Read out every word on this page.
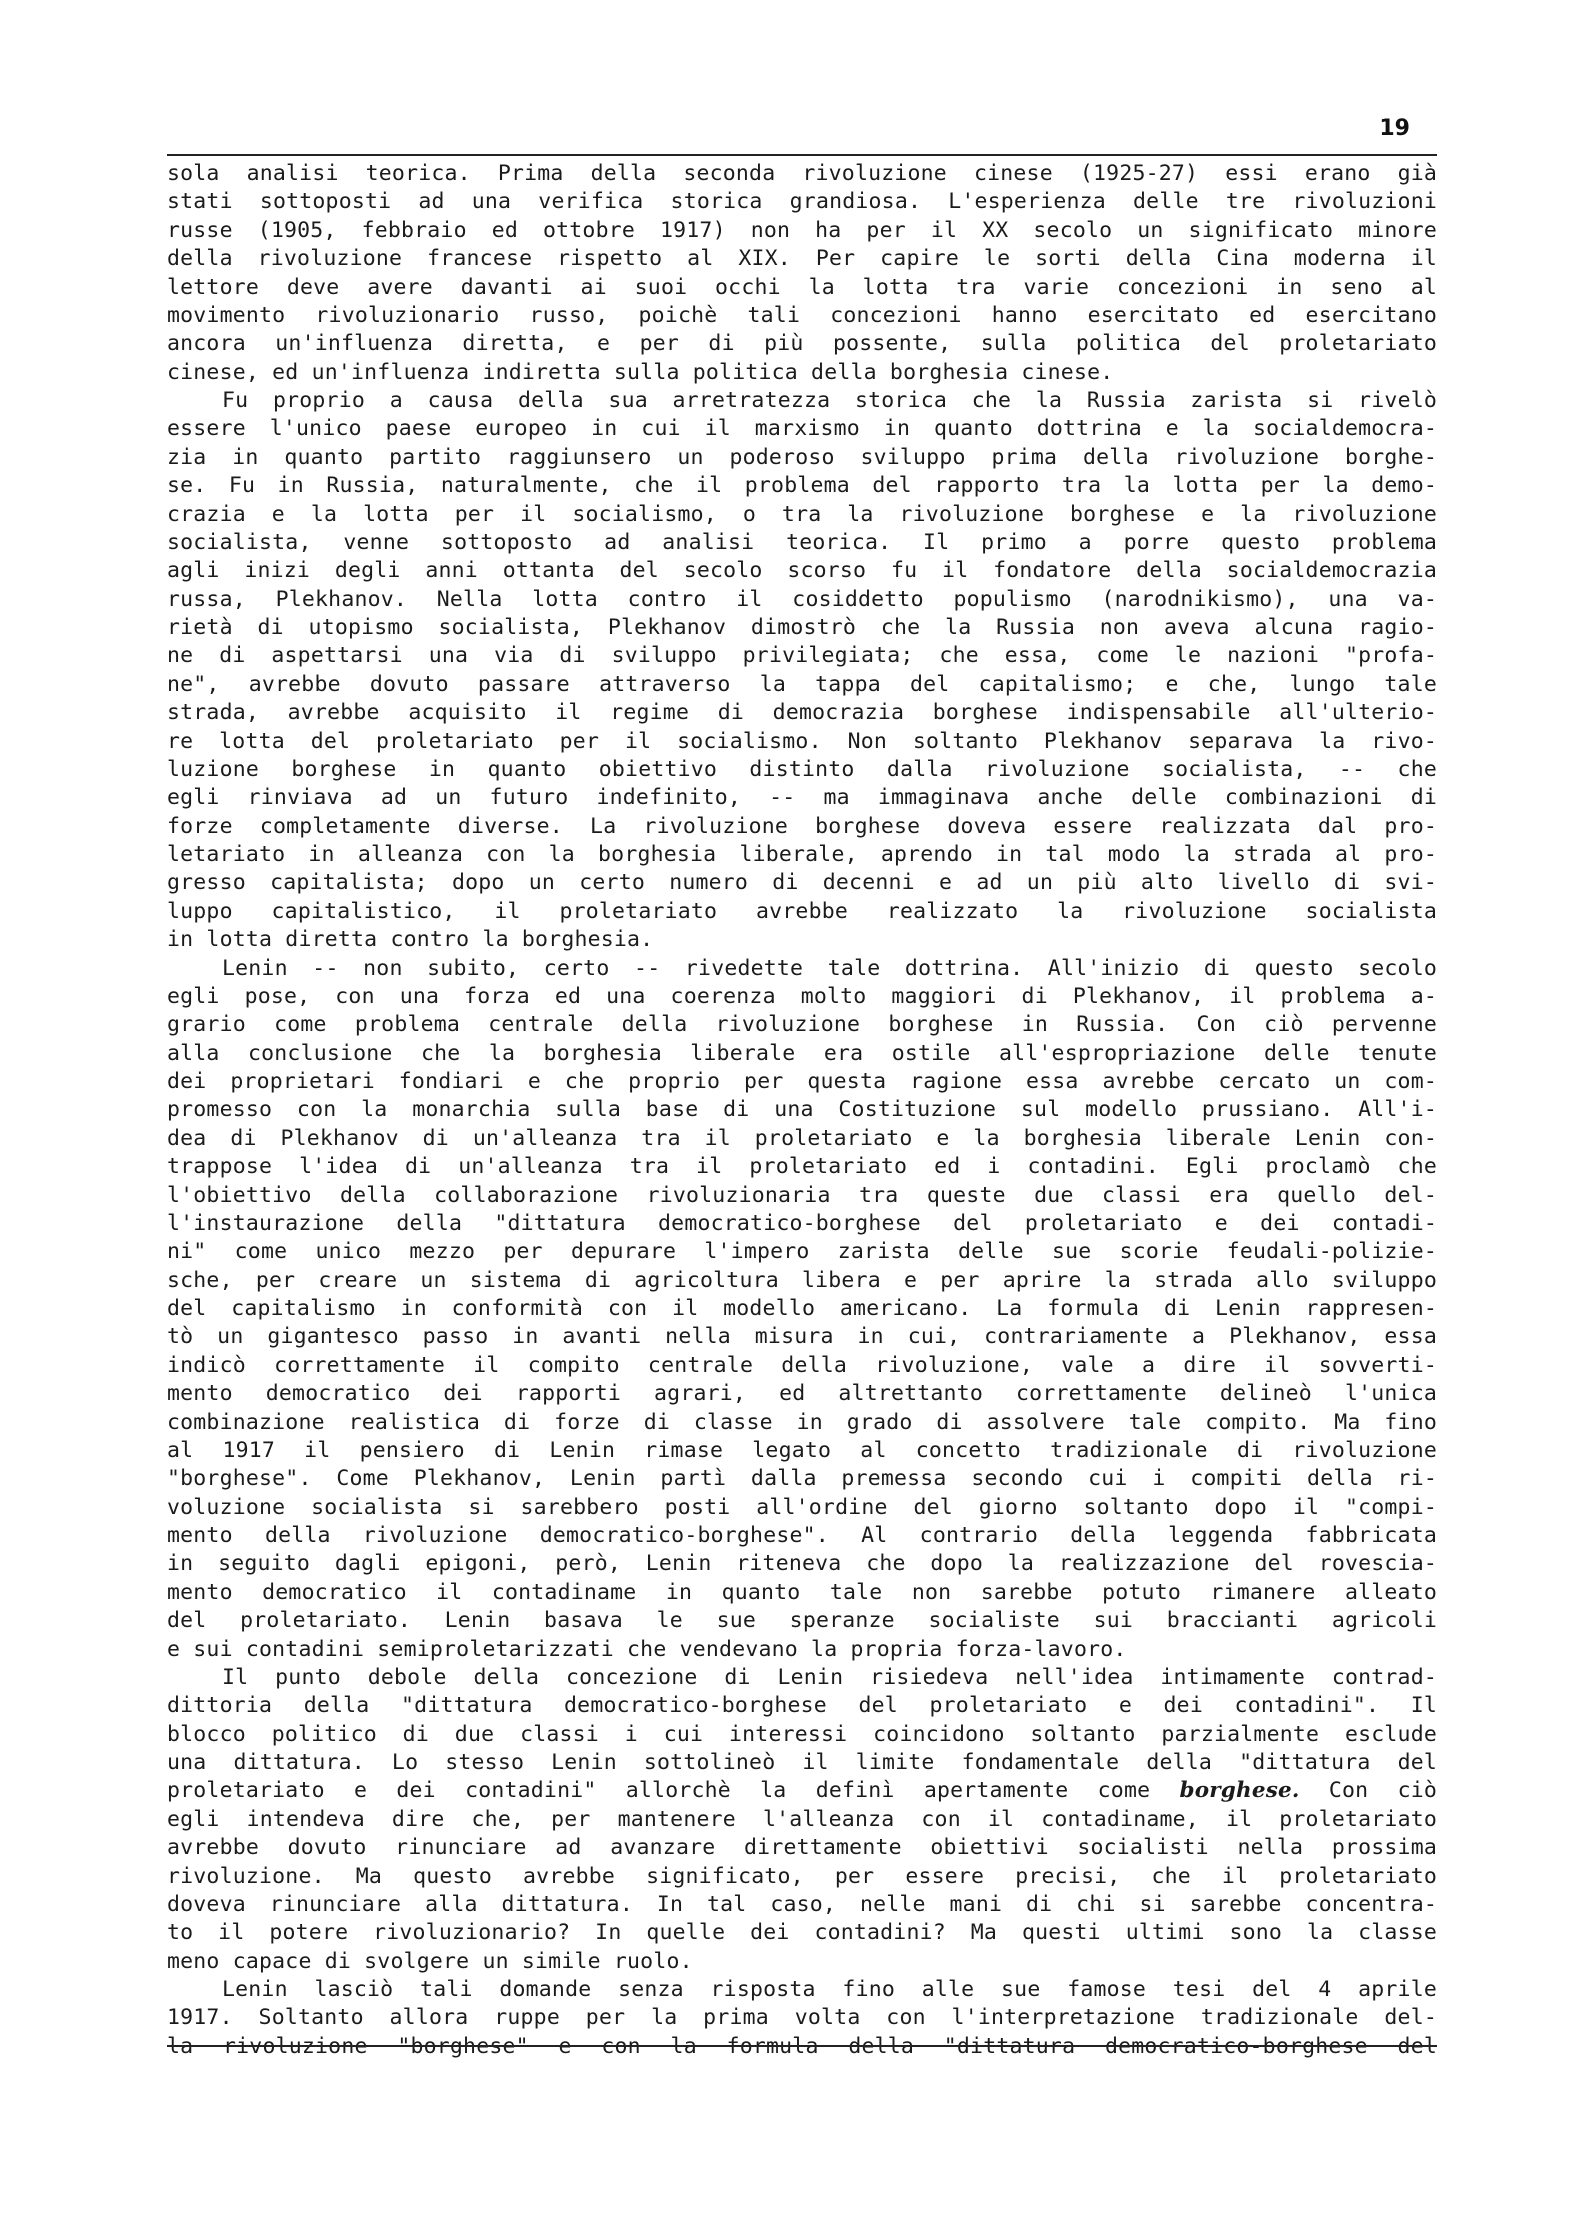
19
sola analisi teorica. Prima della seconda rivoluzione cinese (1925-27) essi erano già
stati sottoposti ad una verifica storica grandiosa. L'esperienza delle tre rivoluzioni
russe (1905, febbraio ed ottobre 1917) non ha per il XX secolo un significato minore
della rivoluzione francese rispetto al XIX. Per capire le sorti della Cina moderna il
lettore deve avere davanti ai suoi occhi la lotta tra varie concezioni in seno al
movimento rivoluzionario russo, poichè tali concezioni hanno esercitato ed esercitano
ancora un'influenza diretta, e per di più possente, sulla politica del proletariato
cinese, ed un'influenza indiretta sulla politica della borghesia cinese.
Fu proprio a causa della sua arretratezza storica che la Russia zarista si rivelò
essere l'unico paese europeo in cui il marxismo in quanto dottrina e la socialdemocra-
zia in quanto partito raggiunsero un poderoso sviluppo prima della rivoluzione borghe-
se. Fu in Russia, naturalmente, che il problema del rapporto tra la lotta per la demo-
crazia e la lotta per il socialismo, o tra la rivoluzione borghese e la rivoluzione
socialista, venne sottoposto ad analisi teorica. Il primo a porre questo problema
agli inizi degli anni ottanta del secolo scorso fu il fondatore della socialdemocrazia
russa, Plekhanov. Nella lotta contro il cosiddetto populismo (narodnikismo), una va-
rietà di utopismo socialista, Plekhanov dimostrò che la Russia non aveva alcuna ragio-
ne di aspettarsi una via di sviluppo privilegiata; che essa, come le nazioni "profa-
ne", avrebbe dovuto passare attraverso la tappa del capitalismo; e che, lungo tale
strada, avrebbe acquisito il regime di democrazia borghese indispensabile all'ulterio-
re lotta del proletariato per il socialismo. Non soltanto Plekhanov separava la rivo-
luzione borghese in quanto obiettivo distinto dalla rivoluzione socialista, -- che
egli rinviava ad un futuro indefinito, -- ma immaginava anche delle combinazioni di
forze completamente diverse. La rivoluzione borghese doveva essere realizzata dal pro-
letariato in alleanza con la borghesia liberale, aprendo in tal modo la strada al pro-
gresso capitalista; dopo un certo numero di decenni e ad un più alto livello di svi-
luppo capitalistico, il proletariato avrebbe realizzato la rivoluzione socialista
in lotta diretta contro la borghesia.
Lenin -- non subito, certo -- rivedette tale dottrina. All'inizio di questo secolo
egli pose, con una forza ed una coerenza molto maggiori di Plekhanov, il problema a-
grario come problema centrale della rivoluzione borghese in Russia. Con ciò pervenne
alla conclusione che la borghesia liberale era ostile all'espropriazione delle tenute
dei proprietari fondiari e che proprio per questa ragione essa avrebbe cercato un com-
promesso con la monarchia sulla base di una Costituzione sul modello prussiano. All'i-
dea di Plekhanov di un'alleanza tra il proletariato e la borghesia liberale Lenin con-
trappose l'idea di un'alleanza tra il proletariato ed i contadini. Egli proclamò che
l'obiettivo della collaborazione rivoluzionaria tra queste due classi era quello del-
l'instaurazione della "dittatura democratico-borghese del proletariato e dei contadi-
ni" come unico mezzo per depurare l'impero zarista delle sue scorie feudali-polizie-
sche, per creare un sistema di agricoltura libera e per aprire la strada allo sviluppo
del capitalismo in conformità con il modello americano. La formula di Lenin rappresen-
tò un gigantesco passo in avanti nella misura in cui, contrariamente a Plekhanov, essa
indicò correttamente il compito centrale della rivoluzione, vale a dire il sovverti-
mento democratico dei rapporti agrari, ed altrettanto correttamente delineò l'unica
combinazione realistica di forze di classe in grado di assolvere tale compito. Ma fino
al 1917 il pensiero di Lenin rimase legato al concetto tradizionale di rivoluzione
"borghese". Come Plekhanov, Lenin partì dalla premessa secondo cui i compiti della ri-
voluzione socialista si sarebbero posti all'ordine del giorno soltanto dopo il "compi-
mento della rivoluzione democratico-borghese". Al contrario della leggenda fabbricata
in seguito dagli epigoni, però, Lenin riteneva che dopo la realizzazione del rovescia-
mento democratico il contadiname in quanto tale non sarebbe potuto rimanere alleato
del proletariato. Lenin basava le sue speranze socialiste sui braccianti agricoli
e sui contadini semiproletarizzati che vendevano la propria forza-lavoro.
Il punto debole della concezione di Lenin risiedeva nell'idea intimamente contrad-
dittoria della "dittatura democratico-borghese del proletariato e dei contadini". Il
blocco politico di due classi i cui interessi coincidono soltanto parzialmente esclude
una dittatura. Lo stesso Lenin sottolineò il limite fondamentale della "dittatura del
proletariato e dei contadini" allorchè la definì apertamente come borghese. Con ciò
egli intendeva dire che, per mantenere l'alleanza con il contadiname, il proletariato
avrebbe dovuto rinunciare ad avanzare direttamente obiettivi socialisti nella prossima
rivoluzione. Ma questo avrebbe significato, per essere precisi, che il proletariato
doveva rinunciare alla dittatura. In tal caso, nelle mani di chi si sarebbe concentra-
to il potere rivoluzionario? In quelle dei contadini? Ma questi ultimi sono la classe
meno capace di svolgere un simile ruolo.
Lenin lasciò tali domande senza risposta fino alle sue famose tesi del 4 aprile
1917. Soltanto allora ruppe per la prima volta con l'interpretazione tradizionale del-
la rivoluzione "borghese" e con la formula della "dittatura democratico-borghese del
